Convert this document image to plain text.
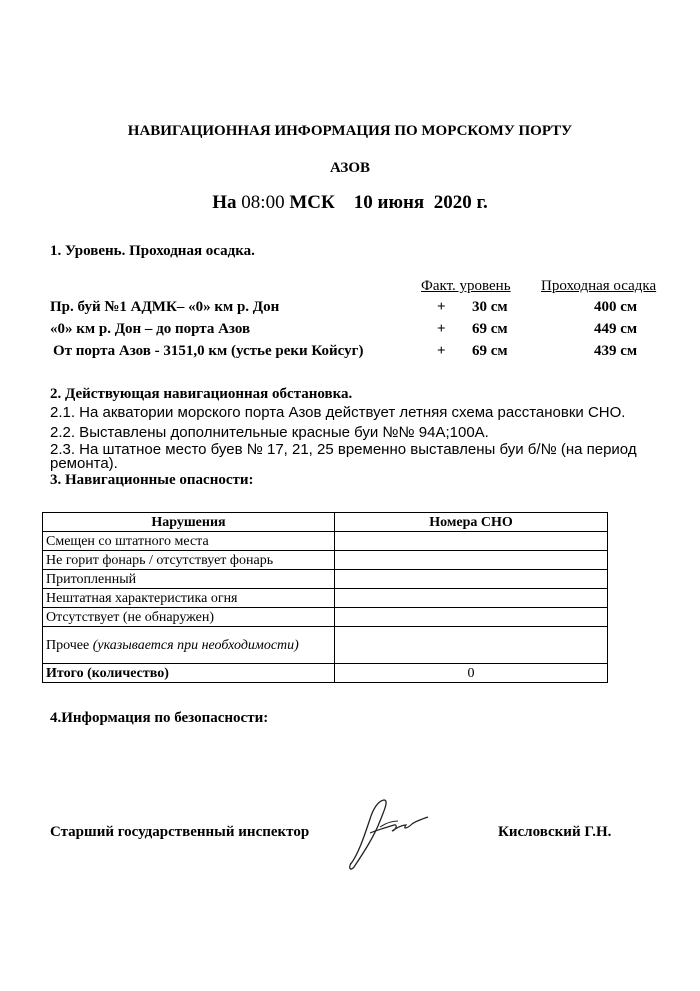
НАВИГАЦИОННАЯ ИНФОРМАЦИЯ ПО МОРСКОМУ ПОРТУ
АЗОВ
На 08:00 МСК 10 июня 2020 г.
1. Уровень. Проходная осадка.
Факт. уровень Проходная осадка
Пр. буй №1 АДМК– «0» км р. Дон	+ 30 см	400 см
«0» км р. Дон – до порта Азов	+ 69 см	449 см
От порта Азов - 3151,0 км (устье реки Койсуг)	+ 69 см	439 см
2. Действующая навигационная обстановка.
2.1. На акватории морского порта Азов действует летняя схема расстановки СНО.
2.2. Выставлены дополнительные красные буи №№ 94А;100А.
2.3. На штатное место буев № 17, 21, 25 временно выставлены буи б/№ (на период ремонта).
3. Навигационные опасности:
Нарушения	Номера СНО
Смещен со штатного места	
Не горит фонарь / отсутствует фонарь	
Притопленный	
Нештатная характеристика огня	
Отсутствует (не обнаружен)	
Прочее (указывается при необходимости)	
Итого (количество)	0
4.Информация по безопасности:
Старший государственный инспектор	Кисловский Г.Н.
